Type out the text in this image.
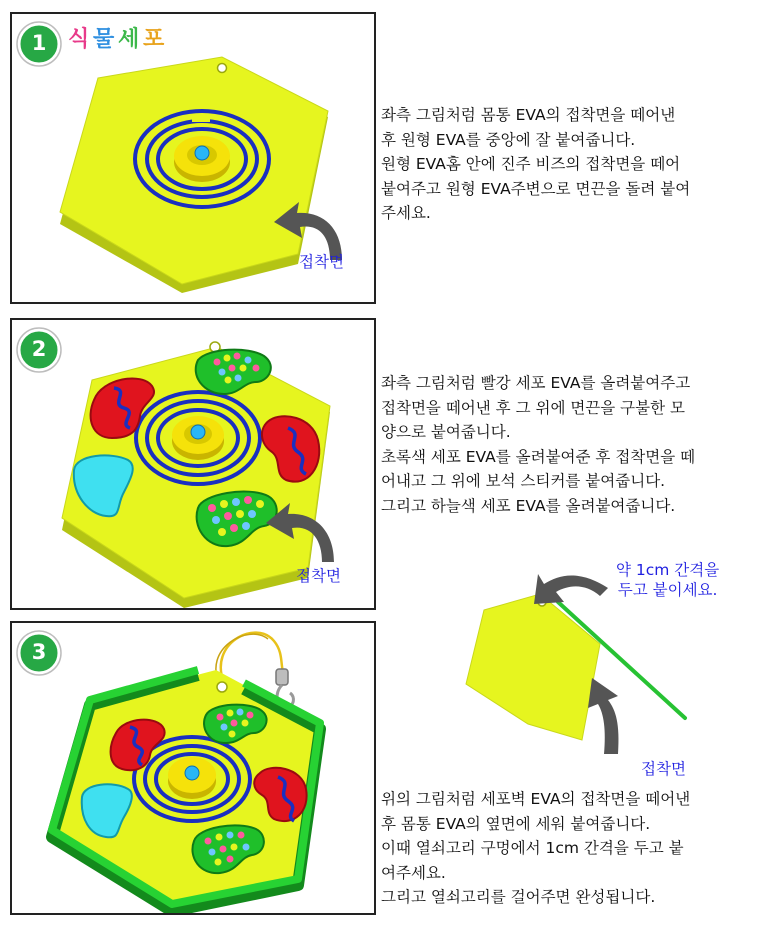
1 식 물 세 포
접착면
좌측 그림처럼 몸통 EVA의 접착면을 떼어낸
후 원형 EVA를 중앙에 잘 붙여줍니다.
원형 EVA홈 안에 진주 비즈의 접착면을 떼어
붙여주고 원형 EVA주변으로 면끈을 돌려 붙여
주세요.
2
접착면
좌측 그림처럼 빨강 세포 EVA를 올려붙여주고
접착면을 떼어낸 후 그 위에 면끈을 구불한 모
양으로 붙여줍니다.
초록색 세포 EVA를 올려붙여준 후 접착면을 떼
어내고 그 위에 보석 스티커를 붙여줍니다.
그리고 하늘색 세포 EVA를 올려붙여줍니다.
3
약 1cm 간격을
두고 붙이세요.
접착면
위의 그림처럼 세포벽 EVA의 접착면을 떼어낸
후 몸통 EVA의 옆면에 세워 붙여줍니다.
이때 열쇠고리 구멍에서 1cm 간격을 두고 붙
여주세요.
그리고 열쇠고리를 걸어주면 완성됩니다.
